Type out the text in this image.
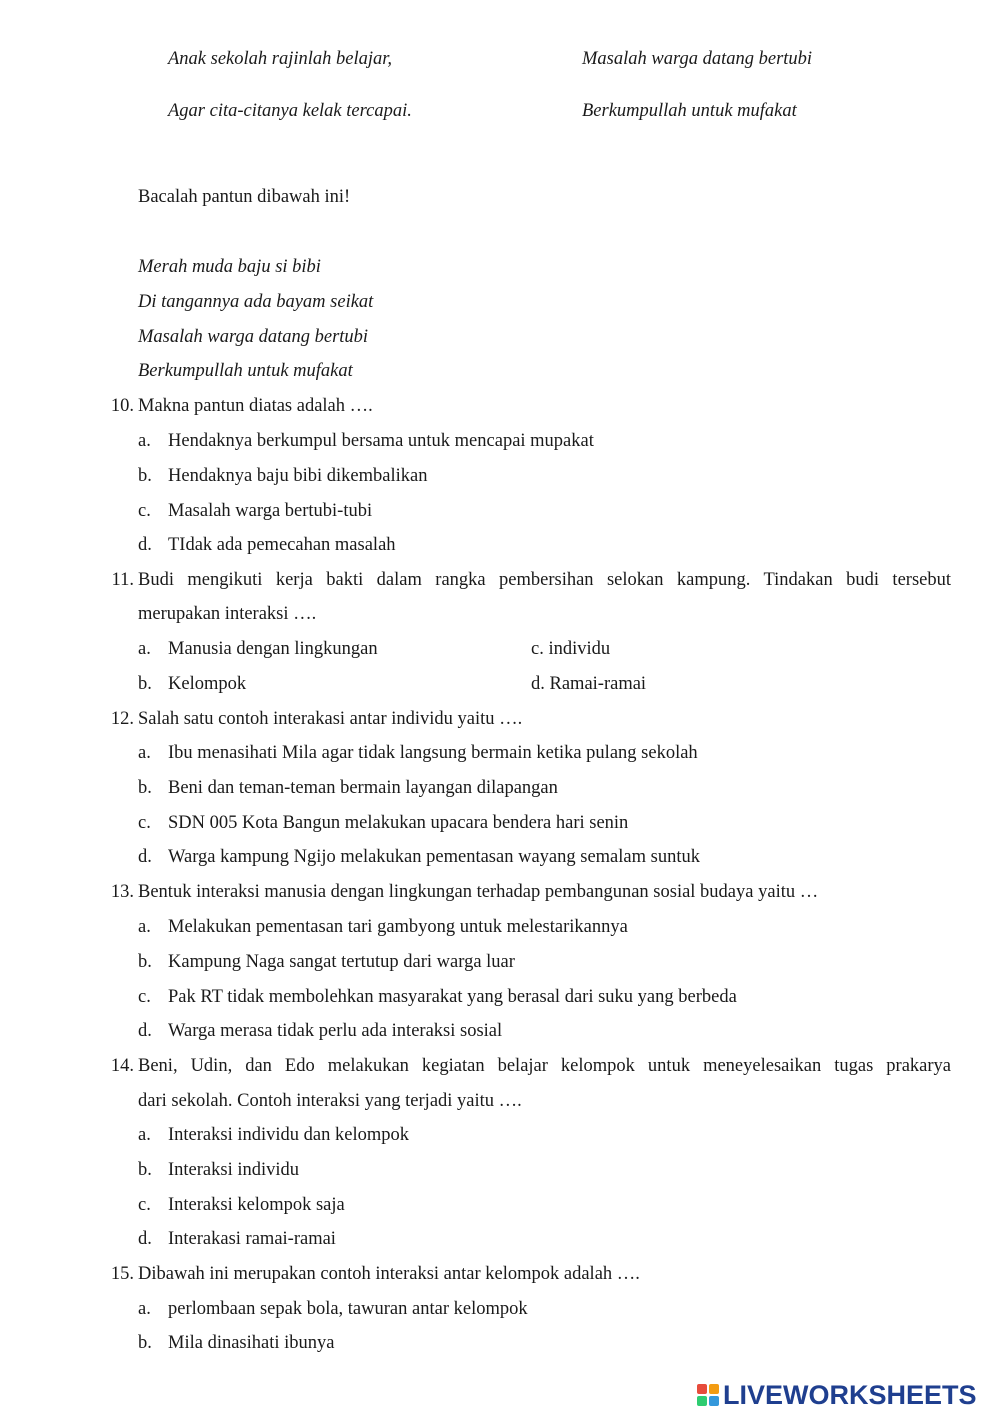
Anak sekolah rajinlah belajar,
Agar cita-citanya kelak tercapai.
Masalah warga datang bertubi
Berkumpullah untuk mufakat
Bacalah pantun dibawah ini!
Merah muda baju si bibi
Di tangannya ada bayam seikat
Masalah warga datang bertubi
Berkumpullah untuk mufakat
10. Makna pantun diatas adalah ….
a. Hendaknya berkumpul bersama untuk mencapai mupakat
b. Hendaknya baju bibi dikembalikan
c. Masalah warga bertubi-tubi
d. TIdak ada pemecahan masalah
11. Budi mengikuti kerja bakti dalam rangka pembersihan selokan kampung. Tindakan budi tersebut
merupakan interaksi ….
a. Manusia dengan lingkungan	c. individu
b. Kelompok	d. Ramai-ramai
12. Salah satu contoh interakasi antar individu yaitu ….
a. Ibu menasihati Mila agar tidak langsung bermain ketika pulang sekolah
b. Beni dan teman-teman bermain layangan dilapangan
c. SDN 005 Kota Bangun melakukan upacara bendera hari senin
d. Warga kampung Ngijo melakukan pementasan wayang semalam suntuk
13. Bentuk interaksi manusia dengan lingkungan terhadap pembangunan sosial budaya yaitu …
a. Melakukan pementasan tari gambyong untuk melestarikannya
b. Kampung Naga sangat tertutup dari warga luar
c. Pak RT tidak membolehkan masyarakat yang berasal dari suku yang berbeda
d. Warga merasa tidak perlu ada interaksi sosial
14. Beni, Udin, dan Edo melakukan kegiatan belajar kelompok untuk meneyelesaikan tugas prakarya
dari sekolah. Contoh interaksi yang terjadi yaitu ….
a. Interaksi individu dan kelompok
b. Interaksi individu
c. Interaksi kelompok saja
d. Interakasi ramai-ramai
15. Dibawah ini merupakan contoh interaksi antar kelompok adalah ….
a. perlombaan sepak bola, tawuran antar kelompok
b. Mila dinasihati ibunya
LIVEWORKSHEETS
